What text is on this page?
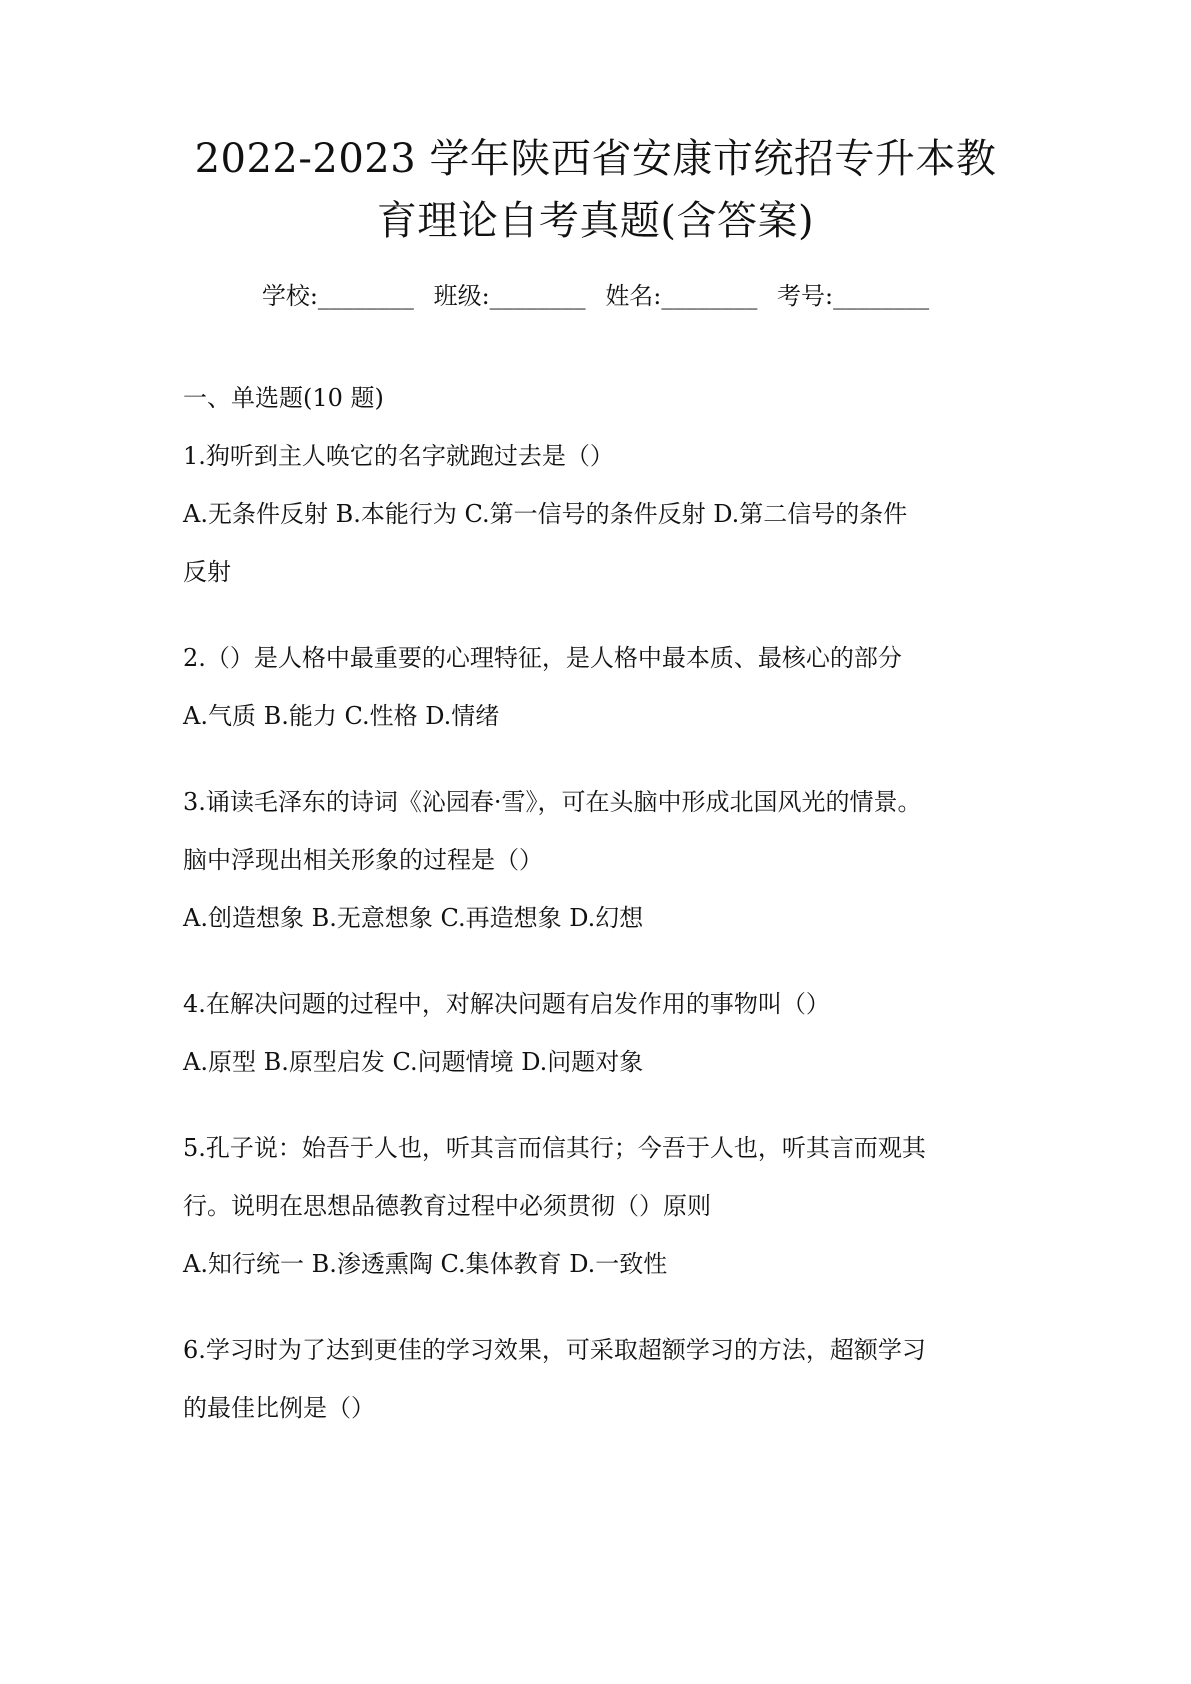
2022-2023 学年陕西省安康市统招专升本教
育理论自考真题(含答案)
学校:________ 班级:________ 姓名:________ 考号:________
一、单选题(10 题)
1.狗听到主人唤它的名字就跑过去是（）
A.无条件反射 B.本能行为 C.第一信号的条件反射 D.第二信号的条件
反射
2.（）是人格中最重要的心理特征，是人格中最本质、最核心的部分
A.气质 B.能力 C.性格 D.情绪
3.诵读毛泽东的诗词《沁园春·雪》，可在头脑中形成北国风光的情景。
脑中浮现出相关形象的过程是（）
A.创造想象 B.无意想象 C.再造想象 D.幻想
4.在解决问题的过程中，对解决问题有启发作用的事物叫（）
A.原型 B.原型启发 C.问题情境 D.问题对象
5.孔子说：始吾于人也，听其言而信其行；今吾于人也，听其言而观其
行。说明在思想品德教育过程中必须贯彻（）原则
A.知行统一 B.渗透熏陶 C.集体教育 D.一致性
6.学习时为了达到更佳的学习效果，可采取超额学习的方法，超额学习
的最佳比例是（）
